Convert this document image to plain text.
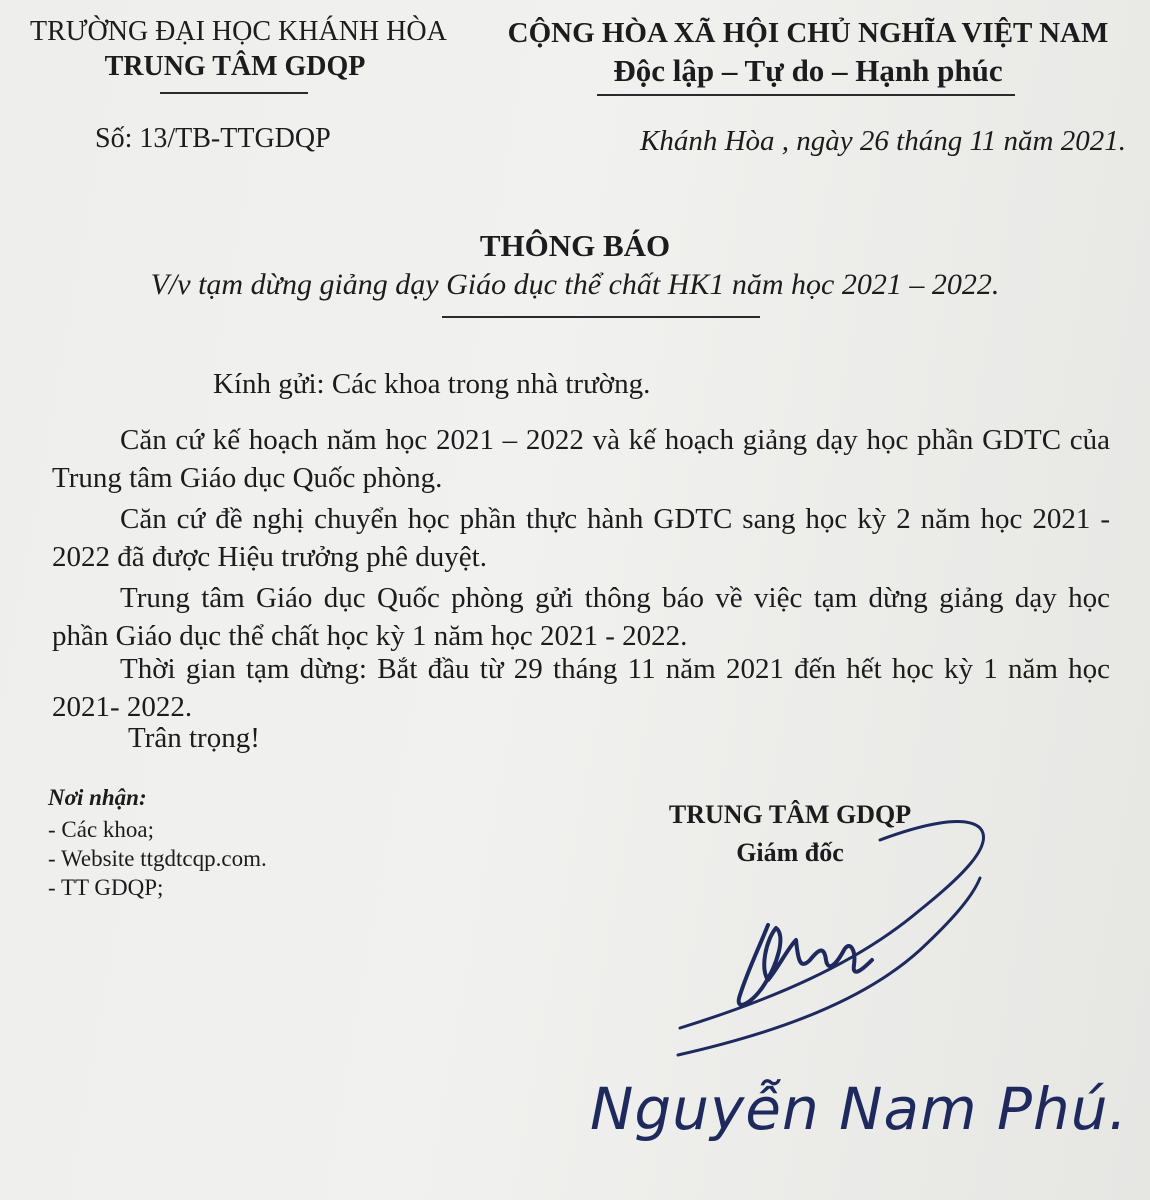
TRƯỜNG ĐẠI HỌC KHÁNH HÒA
TRUNG TÂM GDQP
CỘNG HÒA XÃ HỘI CHỦ NGHĨA VIỆT NAM
Độc lập – Tự do – Hạnh phúc
Số: 13/TB-TTGDQP	Khánh Hòa , ngày 26 tháng 11 năm 2021.
THÔNG BÁO
V/v tạm dừng giảng dạy Giáo dục thể chất HK1 năm học 2021 – 2022.
Kính gửi: Các khoa trong nhà trường.
Căn cứ kế hoạch năm học 2021 – 2022 và kế hoạch giảng dạy học phần GDTC của Trung tâm Giáo dục Quốc phòng.
Căn cứ đề nghị chuyển học phần thực hành GDTC sang học kỳ 2 năm học 2021 - 2022 đã được Hiệu trưởng phê duyệt.
Trung tâm Giáo dục Quốc phòng gửi thông báo về việc tạm dừng giảng dạy học phần Giáo dục thể chất học kỳ 1 năm học 2021 - 2022.
Thời gian tạm dừng: Bắt đầu từ 29 tháng 11 năm 2021 đến hết học kỳ 1 năm học 2021- 2022.
Trân trọng!
Nơi nhận:
- Các khoa;
- Website ttgdtcqp.com.
- TT GDQP;
TRUNG TÂM GDQP
Giám đốc
Nguyễn Nam Phú.
